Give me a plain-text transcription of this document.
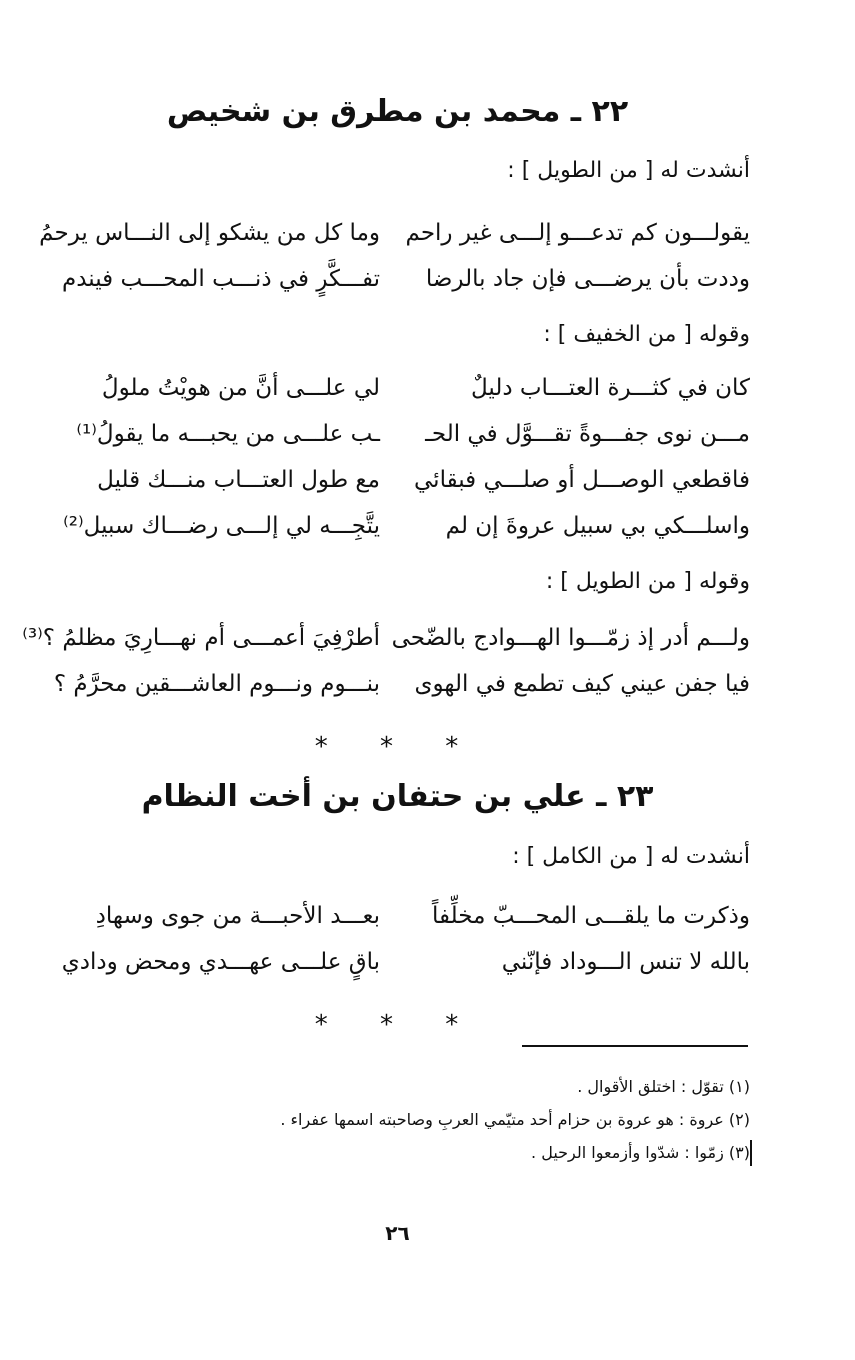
٢٢ ـ محمد بن مطرق بن شخيص
أنشدت له [ من الطويل ] :
يقولـــون كم تدعـــو إلـــى غير راحم
وما كل من يشكو إلى النـــاس يرحمُ
وددت بأن يرضـــى فإن جاد بالرضا
تفـــكَّرٍ في ذنـــب المحـــب فيندم
وقوله [ من الخفيف ] :
كان في كثـــرة العتـــاب دليلٌ
لي علـــى أنَّ من هويْتُ ملولُ
مـــن نوى جفـــوةً تقـــوَّل في الحـ
ـب علـــى من يحبـــه ما يقولُ⁽¹⁾
فاقطعي الوصـــل أو صلـــي فبقائي
مع طول العتـــاب منـــك قليل
واسلـــكي بي سبيل عروةَ إن لم
يتَّجِـــه لي إلـــى رضـــاك سبيل⁽²⁾
وقوله [ من الطويل ] :
ولـــم أدر إذ زمّـــوا الهـــوادج بالضّحى
أطرْفِيَ أعمـــى أم نهـــارِيَ مظلمُ ؟⁽³⁾
فيا جفن عيني كيف تطمع في الهوى
بنـــوم ونـــوم العاشـــقين محرَّمُ ؟
* * *
٢٣ ـ علي بن حتفان بن أخت النظام
أنشدت له [ من الكامل ] :
وذكرت ما يلقـــى المحـــبّ مخلِّفاً
بعـــد الأحبـــة من جوى وسهادِ
بالله لا تنس الـــوداد فإنّني
باقٍ علـــى عهـــدي ومحض ودادي
* * *
(١) تقوّل : اختلق الأقوال .
(٢) عروة : هو عروة بن حزام أحد متيّمي العربِ وصاحبته اسمها عفراء .
(٣) زمّوا : شدّوا وأزمعوا الرحيل .
٢٦
